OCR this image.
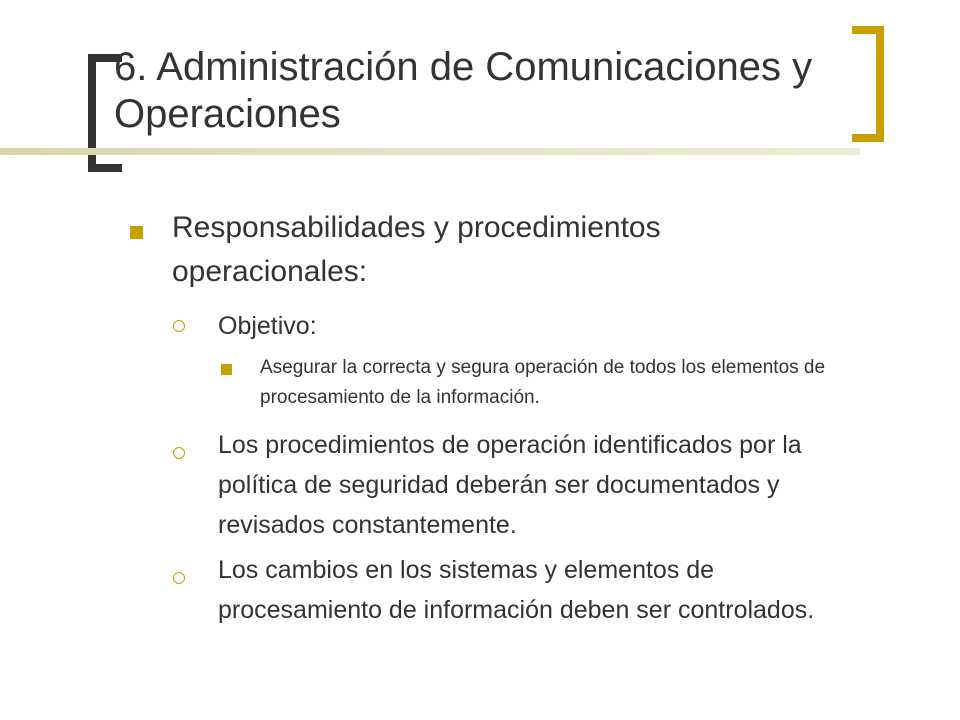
6. Administración de Comunicaciones y Operaciones
Responsabilidades y procedimientos operacionales:
Objetivo:
Asegurar la correcta y segura operación de todos los elementos de procesamiento de la información.
Los procedimientos de operación identificados por la política de seguridad deberán ser documentados y revisados constantemente.
Los cambios en los sistemas y elementos de procesamiento de información deben ser controlados.
